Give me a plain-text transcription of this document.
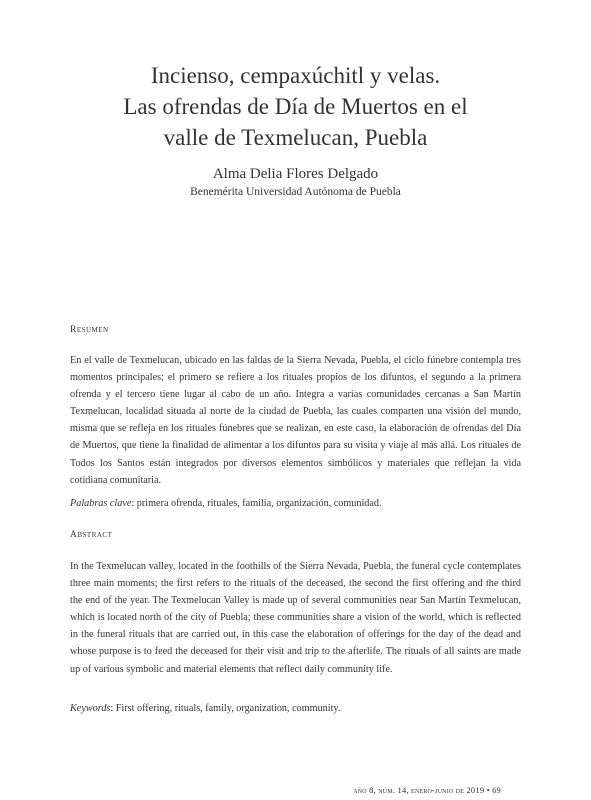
Incienso, cempaxúchitl y velas.
Las ofrendas de Día de Muertos en el
valle de Texmelucan, Puebla
Alma Delia Flores Delgado
Benemérita Universidad Autónoma de Puebla
Resumen

En el valle de Texmelucan, ubicado en las faldas de la Sierra Nevada, Puebla, el ciclo fúnebre contempla tres momentos principales; el primero se refiere a los rituales propios de los difuntos, el segundo a la primera ofrenda y el tercero tiene lugar al cabo de un año. Integra a varias comunidades cercanas a San Martín Texmelucan, localidad situada al norte de la ciudad de Puebla, las cuales comparten una visión del mundo, misma que se refleja en los rituales fúnebres que se realizan, en este caso, la elaboración de ofrendas del Día de Muertos, que tiene la finalidad de alimentar a los difuntos para su visita y viaje al más allá. Los rituales de Todos los Santos están integrados por diversos elementos simbólicos y materiales que reflejan la vida cotidiana comunitaria.

Palabras clave: primera ofrenda, rituales, familia, organización, comunidad.
Abstract

In the Texmelucan valley, located in the foothills of the Sierra Nevada, Puebla, the funeral cycle contemplates three main moments; the first refers to the rituals of the deceased, the second the first offering and the third the end of the year. The Texmelucan Valley is made up of several communities near San Martín Texmelucan, which is located north of the city of Puebla; these communities share a vision of the world, which is reflected in the funeral rituals that are carried out, in this case the elaboration of offerings for the day of the dead and whose purpose is to feed the deceased for their visit and trip to the afterlife. The rituals of all saints are made up of various symbolic and material elements that reflect daily community life.

Keywords: First offering, rituals, family, organization, community.
año 8, núm. 14, enero-junio de 2019 • 69
